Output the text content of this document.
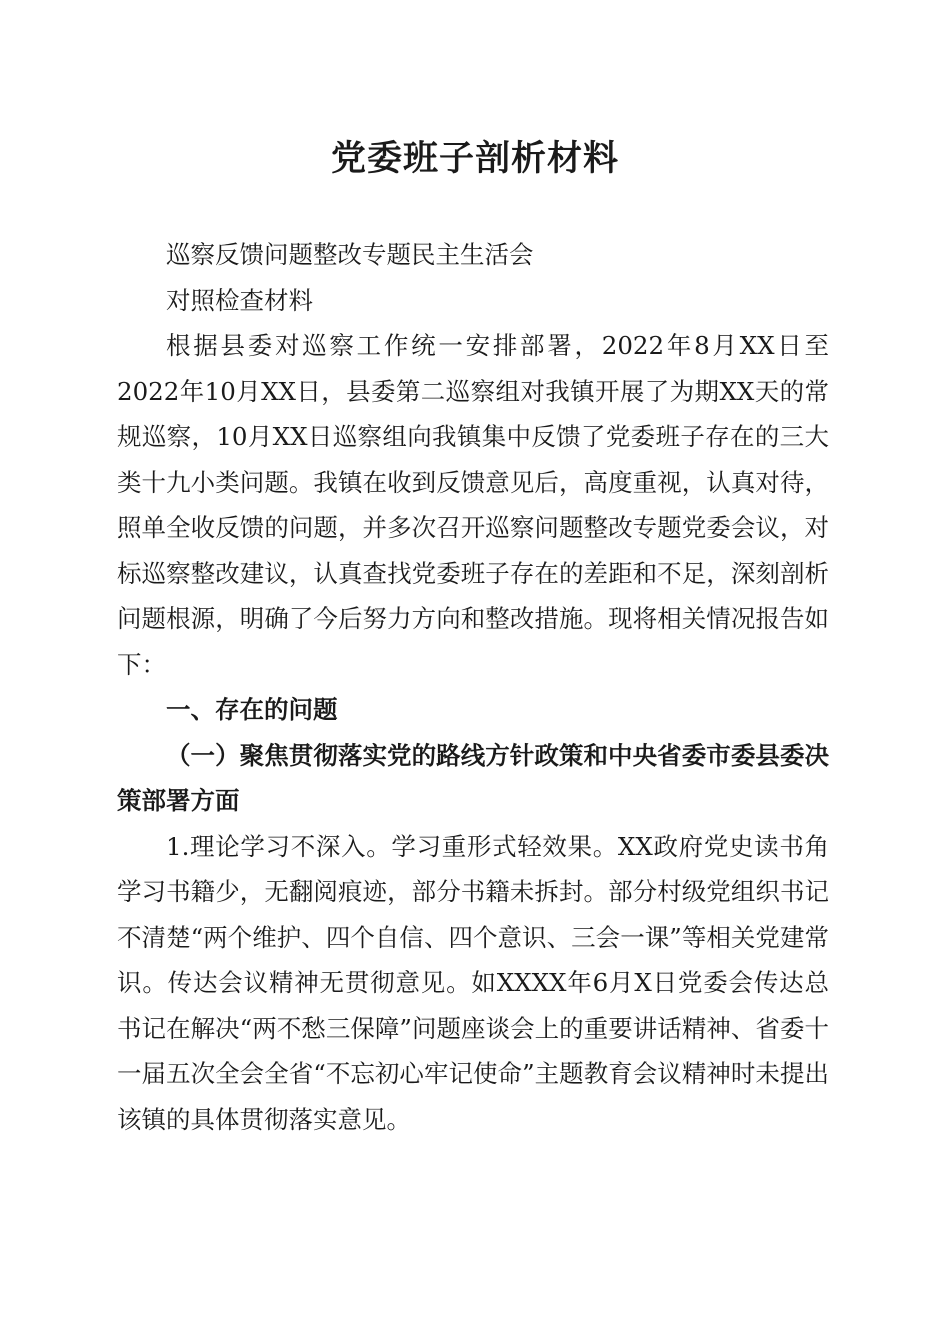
党委班子剖析材料

巡察反馈问题整改专题民主生活会

对照检查材料

根据县委对巡察工作统一安排部署，2022年8月XX日至2022年10月XX日，县委第二巡察组对我镇开展了为期XX天的常规巡察，10月XX日巡察组向我镇集中反馈了党委班子存在的三大类十九小类问题。我镇在收到反馈意见后，高度重视，认真对待，照单全收反馈的问题，并多次召开巡察问题整改专题党委会议，对标巡察整改建议，认真查找党委班子存在的差距和不足，深刻剖析问题根源，明确了今后努力方向和整改措施。现将相关情况报告如下：

一、存在的问题

（一）聚焦贯彻落实党的路线方针政策和中央省委市委县委决策部署方面

1.理论学习不深入。学习重形式轻效果。XX政府党史读书角学习书籍少，无翻阅痕迹，部分书籍未拆封。部分村级党组织书记不清楚“两个维护、四个自信、四个意识、三会一课”等相关党建常识。传达会议精神无贯彻意见。如XXXX年6月X日党委会传达总书记在解决“两不愁三保障”问题座谈会上的重要讲话精神、省委十一届五次全会全省“不忘初心牢记使命”主题教育会议精神时未提出该镇的具体贯彻落实意见。
